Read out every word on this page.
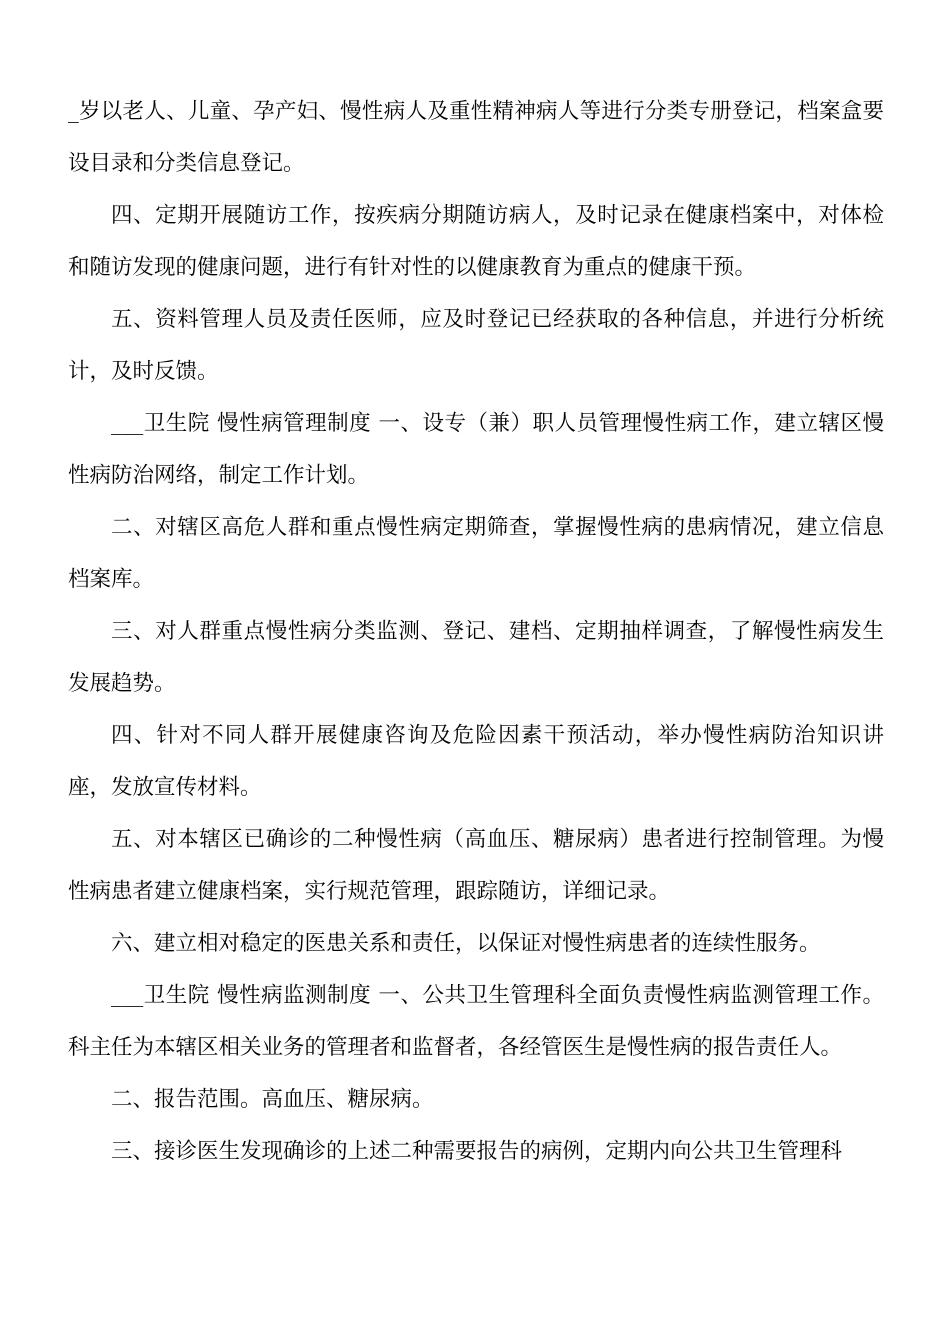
_岁以老人、儿童、孕产妇、慢性病人及重性精神病人等进行分类专册登记，档案盒要设目录和分类信息登记。

四、定期开展随访工作，按疾病分期随访病人，及时记录在健康档案中，对体检和随访发现的健康问题，进行有针对性的以健康教育为重点的健康干预。

五、资料管理人员及责任医师，应及时登记已经获取的各种信息，并进行分析统计，及时反馈。

___卫生院 慢性病管理制度 一、设专（兼）职人员管理慢性病工作，建立辖区慢性病防治网络，制定工作计划。

二、对辖区高危人群和重点慢性病定期筛查，掌握慢性病的患病情况，建立信息档案库。

三、对人群重点慢性病分类监测、登记、建档、定期抽样调查，了解慢性病发生发展趋势。

四、针对不同人群开展健康咨询及危险因素干预活动，举办慢性病防治知识讲座，发放宣传材料。

五、对本辖区已确诊的二种慢性病（高血压、糖尿病）患者进行控制管理。为慢性病患者建立健康档案，实行规范管理，跟踪随访，详细记录。

六、建立相对稳定的医患关系和责任，以保证对慢性病患者的连续性服务。

___卫生院 慢性病监测制度 一、公共卫生管理科全面负责慢性病监测管理工作。科主任为本辖区相关业务的管理者和监督者，各经管医生是慢性病的报告责任人。

二、报告范围。高血压、糖尿病。

三、接诊医生发现确诊的上述二种需要报告的病例，定期内向公共卫生管理科
